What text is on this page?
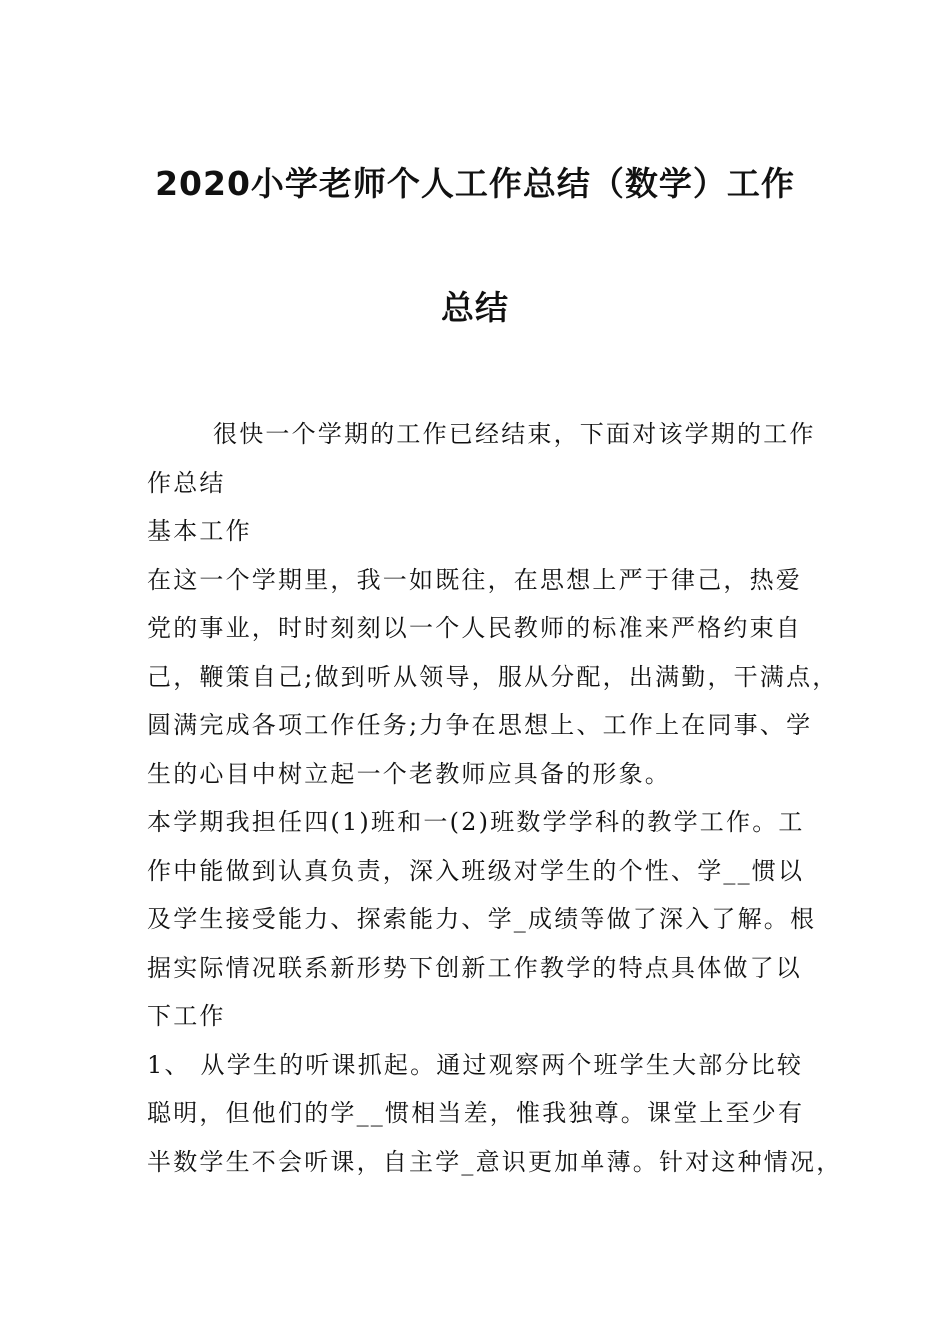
2020小学老师个人工作总结（数学）工作
总结
很快一个学期的工作已经结束，下面对该学期的工作
作总结
基本工作
在这一个学期里，我一如既往，在思想上严于律己，热爱
党的事业，时时刻刻以一个人民教师的标准来严格约束自
己，鞭策自己;做到听从领导，服从分配，出满勤，干满点，
圆满完成各项工作任务;力争在思想上、工作上在同事、学
生的心目中树立起一个老教师应具备的形象。
本学期我担任四(1)班和一(2)班数学学科的教学工作。工
作中能做到认真负责，深入班级对学生的个性、学__惯以
及学生接受能力、探索能力、学_成绩等做了深入了解。根
据实际情况联系新形势下创新工作教学的特点具体做了以
下工作
1、 从学生的听课抓起。通过观察两个班学生大部分比较
聪明，但他们的学__惯相当差，惟我独尊。课堂上至少有
半数学生不会听课，自主学_意识更加单薄。针对这种情况，
